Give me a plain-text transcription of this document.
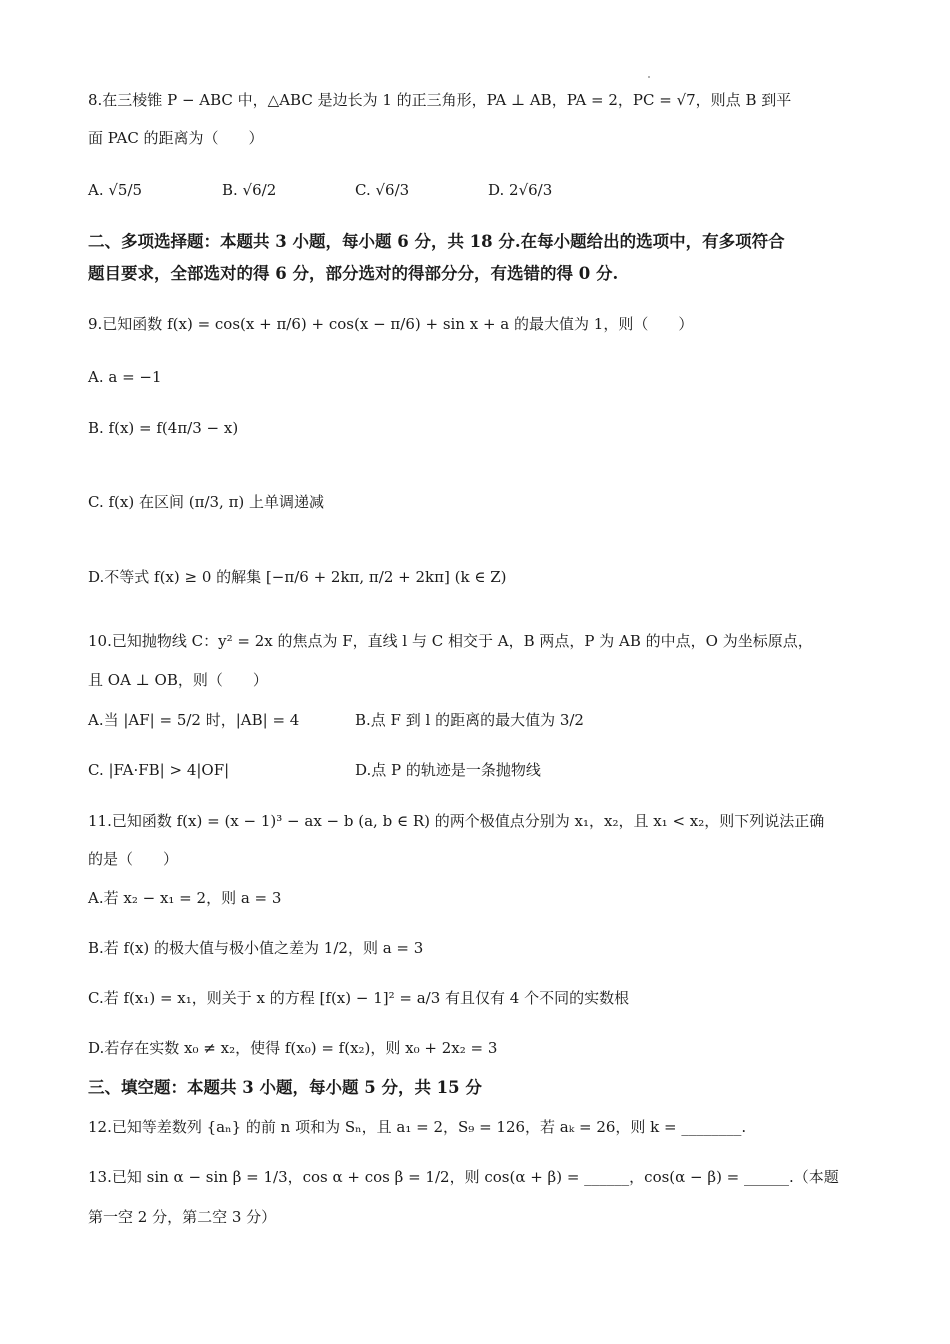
8.在三棱锥 P − ABC 中，△ABC 是边长为 1 的正三角形，PA ⊥ AB，PA = 2，PC = √7，则点 B 到平
面 PAC 的距离为（　　）
A. √5/5	B. √6/2	C. √6/3	D. 2√6/3
二、多项选择题：本题共 3 小题，每小题 6 分，共 18 分.在每小题给出的选项中，有多项符合
题目要求，全部选对的得 6 分，部分选对的得部分分，有选错的得 0 分.
9.已知函数 f(x) = cos(x + π/6) + cos(x − π/6) + sin x + a 的最大值为 1，则（　　）
A. a = −1
B. f(x) = f(4π/3 − x)
C. f(x) 在区间 (π/3, π) 上单调递减
D.不等式 f(x) ≥ 0 的解集 [−π/6 + 2kπ, π/2 + 2kπ] (k ∈ Z)
10.已知抛物线 C：y² = 2x 的焦点为 F，直线 l 与 C 相交于 A，B 两点，P 为 AB 的中点，O 为坐标原点，
且 OA ⊥ OB，则（　　）
A.当 |AF| = 5/2 时，|AB| = 4	B.点 F 到 l 的距离的最大值为 3/2
C. |FA·FB| > 4|OF|	D.点 P 的轨迹是一条抛物线
11.已知函数 f(x) = (x − 1)³ − ax − b (a, b ∈ R) 的两个极值点分别为 x₁，x₂，且 x₁ < x₂，则下列说法正确
的是（　　）
A.若 x₂ − x₁ = 2，则 a = 3
B.若 f(x) 的极大值与极小值之差为 1/2，则 a = 3
C.若 f(x₁) = x₁，则关于 x 的方程 [f(x) − 1]² = a/3 有且仅有 4 个不同的实数根
D.若存在实数 x₀ ≠ x₂，使得 f(x₀) = f(x₂)，则 x₀ + 2x₂ = 3
三、填空题：本题共 3 小题，每小题 5 分，共 15 分
12.已知等差数列 {aₙ} 的前 n 项和为 Sₙ，且 a₁ = 2，S₉ = 126，若 aₖ = 26，则 k = ________.
13.已知 sin α − sin β = 1/3，cos α + cos β = 1/2，则 cos(α + β) = ______，cos(α − β) = ______.（本题
第一空 2 分，第二空 3 分）
